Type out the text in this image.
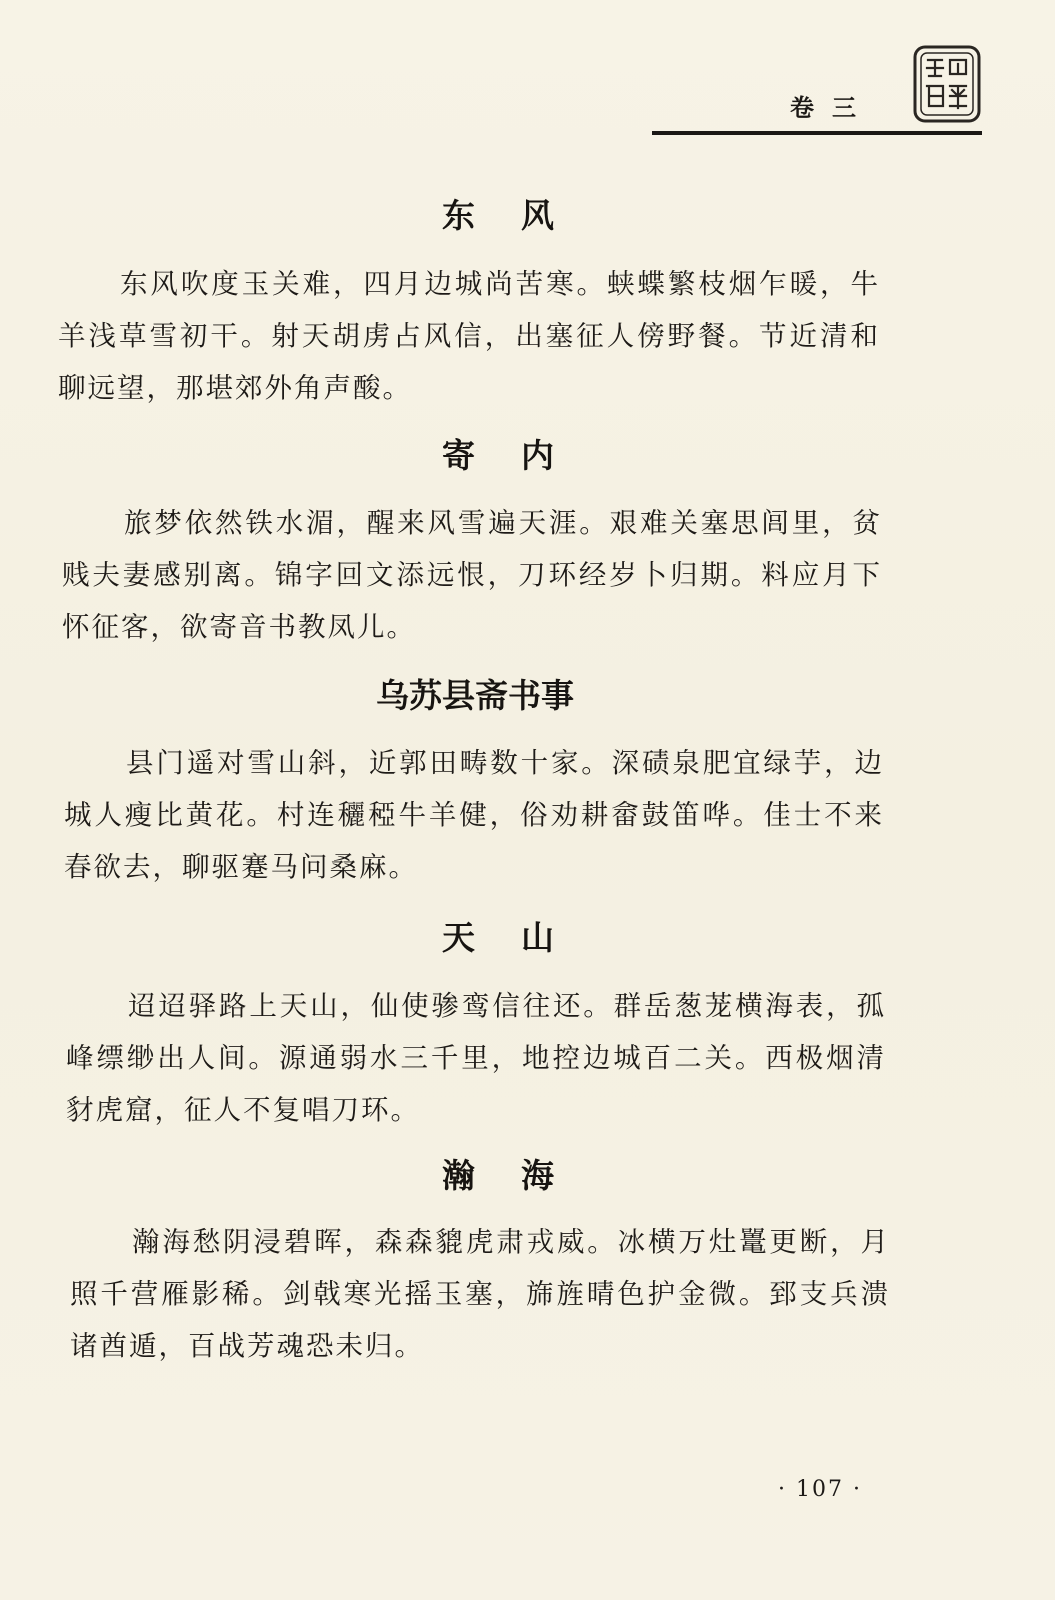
卷三
东风

东风吹度玉关难，四月边城尚苦寒。蛱蝶繁枝烟乍暖，牛羊浅草雪初干。射天胡虏占风信，出塞征人傍野餐。节近清和聊远望，那堪郊外角声酸。

寄内

旅梦依然铁水湄，醒来风雪遍天涯。艰难关塞思闾里，贫贱夫妻感别离。锦字回文添远恨，刀环经岁卜归期。料应月下怀征客，欲寄音书教凤儿。

乌苏县斋书事

县门遥对雪山斜，近郭田畴数十家。深碛泉肥宜绿芋，边城人瘦比黄花。村连穲稏牛羊健，俗劝耕畲鼓笛哗。佳士不来春欲去，聊驱蹇马问桑麻。

天山

迢迢驿路上天山，仙使骖鸾信往还。群岳葱茏横海表，孤峰缥缈出人间。源通弱水三千里，地控边城百二关。西极烟清豺虎窟，征人不复唱刀环。

瀚海

瀚海愁阴浸碧晖，森森貔虎肃戎威。冰横万灶鼍更断，月照千营雁影稀。剑戟寒光摇玉塞，旆旌晴色护金微。郅支兵溃诸酋遁，百战芳魂恐未归。

· 107 ·
